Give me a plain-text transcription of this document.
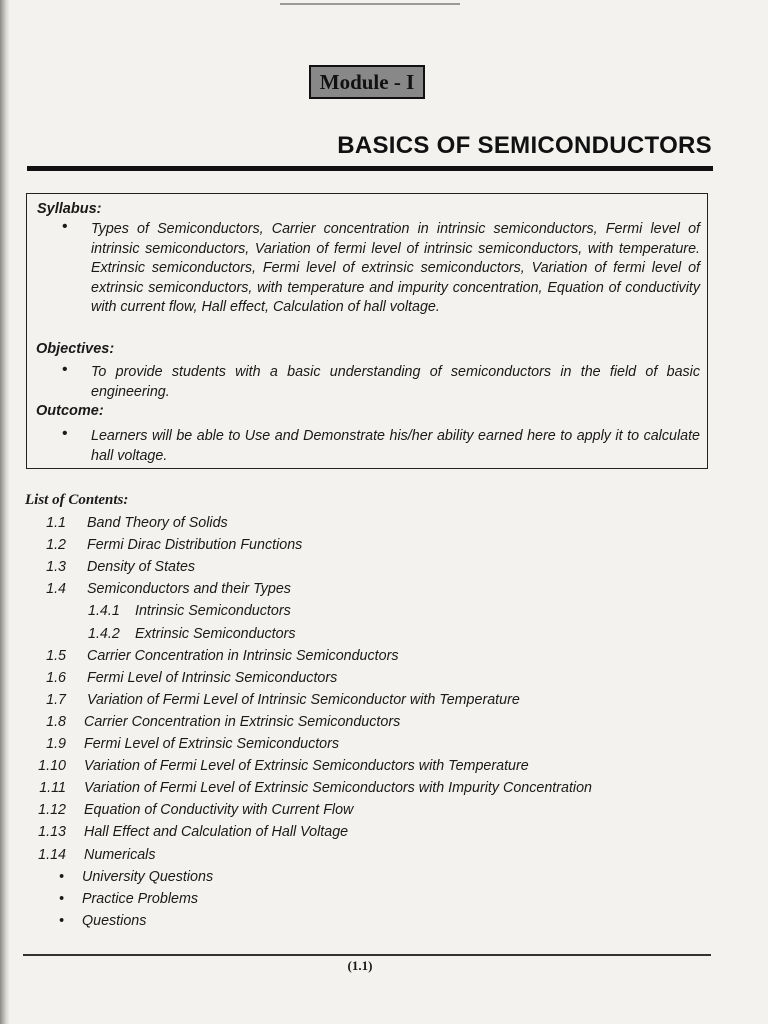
Module - I
BASICS OF SEMICONDUCTORS
Syllabus:
• Types of Semiconductors, Carrier concentration in intrinsic semiconductors, Fermi level of intrinsic semiconductors, Variation of fermi level of intrinsic semiconductors, with temperature. Extrinsic semiconductors, Fermi level of extrinsic semiconductors, Variation of fermi level of extrinsic semiconductors, with temperature and impurity concentration, Equation of conductivity with current flow, Hall effect, Calculation of hall voltage.
Objectives:
• To provide students with a basic understanding of semiconductors in the field of basic engineering.
Outcome:
• Learners will be able to Use and Demonstrate his/her ability earned here to apply it to calculate hall voltage.
List of Contents:
1.1 Band Theory of Solids
1.2 Fermi Dirac Distribution Functions
1.3 Density of States
1.4 Semiconductors and their Types
1.4.1 Intrinsic Semiconductors
1.4.2 Extrinsic Semiconductors
1.5 Carrier Concentration in Intrinsic Semiconductors
1.6 Fermi Level of Intrinsic Semiconductors
1.7 Variation of Fermi Level of Intrinsic Semiconductor with Temperature
1.8 Carrier Concentration in Extrinsic Semiconductors
1.9 Fermi Level of Extrinsic Semiconductors
1.10 Variation of Fermi Level of Extrinsic Semiconductors with Temperature
1.11 Variation of Fermi Level of Extrinsic Semiconductors with Impurity Concentration
1.12 Equation of Conductivity with Current Flow
1.13 Hall Effect and Calculation of Hall Voltage
1.14 Numericals
• University Questions
• Practice Problems
• Questions
(1.1)
